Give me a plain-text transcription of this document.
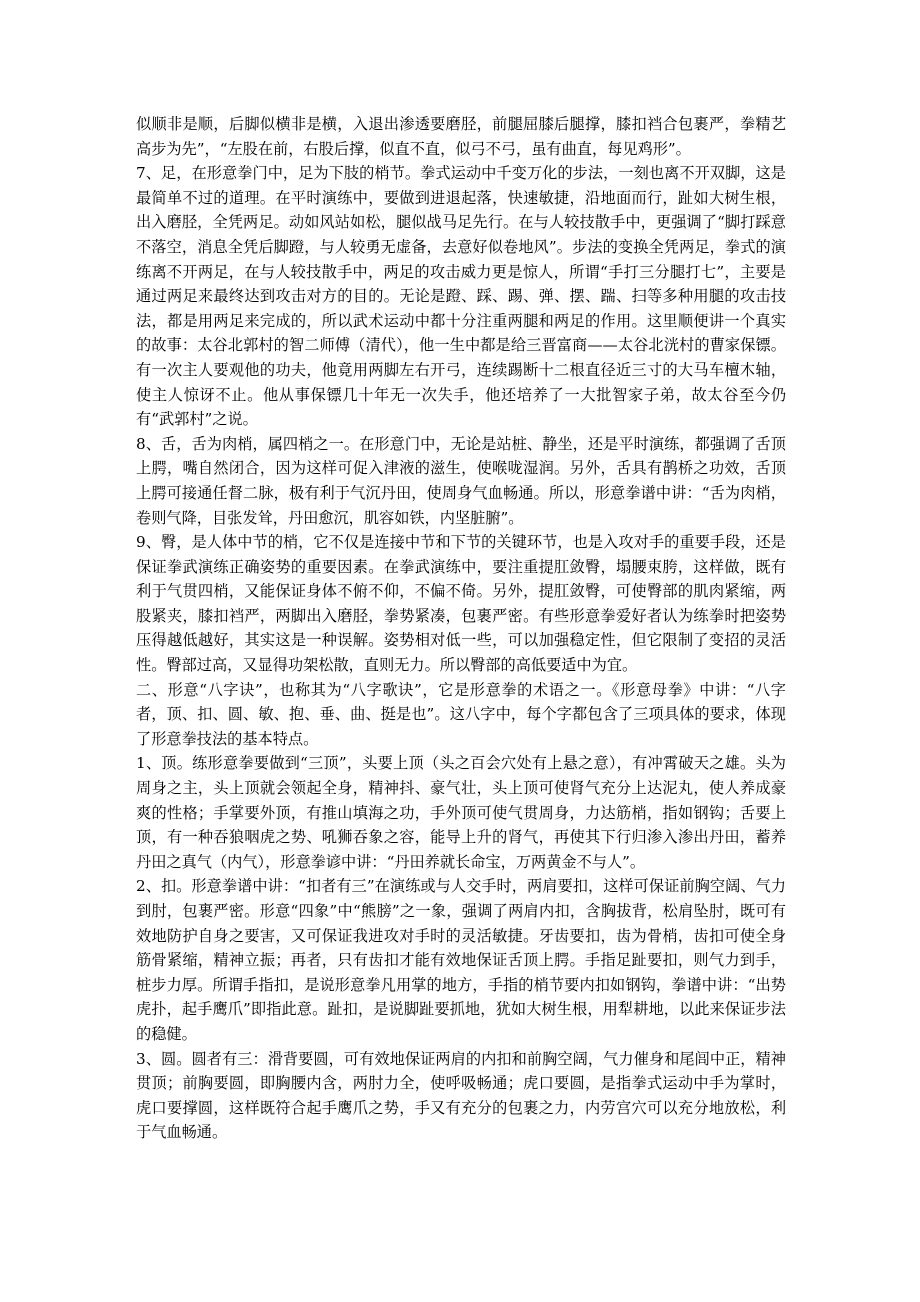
似顺非是顺，后脚似横非是横，入退出渗透要磨胫，前腿屈膝后腿撑，膝扣裆合包裹严，拳精艺高步为先”，“左股在前，右股后撑，似直不直，似弓不弓，虽有曲直，每见鸡形”。

7、足，在形意拳门中，足为下肢的梢节。拳式运动中千变万化的步法，一刻也离不开双脚，这是最简单不过的道理。在平时演练中，要做到进退起落，快速敏捷，沿地面而行，趾如大树生根，出入磨胫，全凭两足。动如风站如松，腿似战马足先行。在与人较技散手中，更强调了“脚打踩意不落空，消息全凭后脚蹬，与人较勇无虚备，去意好似卷地风”。步法的变换全凭两足，拳式的演练离不开两足，在与人较技散手中，两足的攻击威力更是惊人，所谓“手打三分腿打七”，主要是通过两足来最终达到攻击对方的目的。无论是蹬、踩、踢、弹、摆、踹、扫等多种用腿的攻击技法，都是用两足来完成的，所以武术运动中都十分注重两腿和两足的作用。这里顺便讲一个真实的故事：太谷北郭村的智二师傅（清代），他一生中都是给三晋富商——太谷北洸村的曹家保镖。有一次主人要观他的功夫，他竟用两脚左右开弓，连续踢断十二根直径近三寸的大马车檀木轴，使主人惊讶不止。他从事保镖几十年无一次失手，他还培养了一大批智家子弟，故太谷至今仍有“武郭村”之说。

8、舌，舌为肉梢，属四梢之一。在形意门中，无论是站桩、静坐，还是平时演练，都强调了舌顶上腭，嘴自然闭合，因为这样可促入津液的滋生，使喉咙湿润。另外，舌具有鹊桥之功效，舌顶上腭可接通任督二脉，极有利于气沉丹田，使周身气血畅通。所以，形意拳谱中讲：“舌为肉梢，卷则气降，目张发耸，丹田愈沉，肌容如铁，内坚脏腑”。

9、臀，是人体中节的梢，它不仅是连接中节和下节的关键环节，也是入攻对手的重要手段，还是保证拳武演练正确姿势的重要因素。在拳武演练中，要注重提肛敛臀，塌腰束胯，这样做，既有利于气贯四梢，又能保证身体不俯不仰，不偏不倚。另外，提肛敛臀，可使臀部的肌肉紧缩，两股紧夹，膝扣裆严，两脚出入磨胫，拳势紧凑，包裹严密。有些形意拳爱好者认为练拳时把姿势压得越低越好，其实这是一种误解。姿势相对低一些，可以加强稳定性，但它限制了变招的灵活性。臀部过高，又显得功架松散，直则无力。所以臀部的高低要适中为宜。

二、形意“八字诀”，也称其为“八字歌诀”，它是形意拳的术语之一。《形意母拳》中讲：“八字者，顶、扣、圆、敏、抱、垂、曲、挺是也”。这八字中，每个字都包含了三项具体的要求，体现了形意拳技法的基本特点。

1、顶。练形意拳要做到“三顶”，头要上顶（头之百会穴处有上悬之意），有冲霄破天之雄。头为周身之主，头上顶就会领起全身，精神抖、豪气壮，头上顶可使肾气充分上达泥丸，使人养成豪爽的性格；手掌要外顶，有推山填海之功，手外顶可使气贯周身，力达筋梢，指如钢钩；舌要上顶，有一种吞狼咽虎之势、吼狮吞象之容，能导上升的肾气，再使其下行归渗入渗出丹田，蓄养丹田之真气（内气），形意拳谚中讲：“丹田养就长命宝，万两黄金不与人”。

2、扣。形意拳谱中讲：“扣者有三”在演练或与人交手时，两肩要扣，这样可保证前胸空阔、气力到肘，包裹严密。形意“四象”中“熊膀”之一象，强调了两肩内扣，含胸拔背，松肩坠肘，既可有效地防护自身之要害，又可保证我进攻对手时的灵活敏捷。牙齿要扣，齿为骨梢，齿扣可使全身筋骨紧缩，精神立振；再者，只有齿扣才能有效地保证舌顶上腭。手指足趾要扣，则气力到手，桩步力厚。所谓手指扣，是说形意拳凡用掌的地方，手指的梢节要内扣如钢钩，拳谱中讲：“出势虎扑，起手鹰爪”即指此意。趾扣，是说脚趾要抓地，犹如大树生根，用犁耕地，以此来保证步法的稳健。

3、圆。圆者有三：滑背要圆，可有效地保证两肩的内扣和前胸空阔，气力催身和尾闾中正，精神贯顶；前胸要圆，即胸腰内含，两肘力全，使呼吸畅通；虎口要圆，是指拳式运动中手为掌时，虎口要撑圆，这样既符合起手鹰爪之势，手又有充分的包裹之力，内劳宫穴可以充分地放松，利于气血畅通。
